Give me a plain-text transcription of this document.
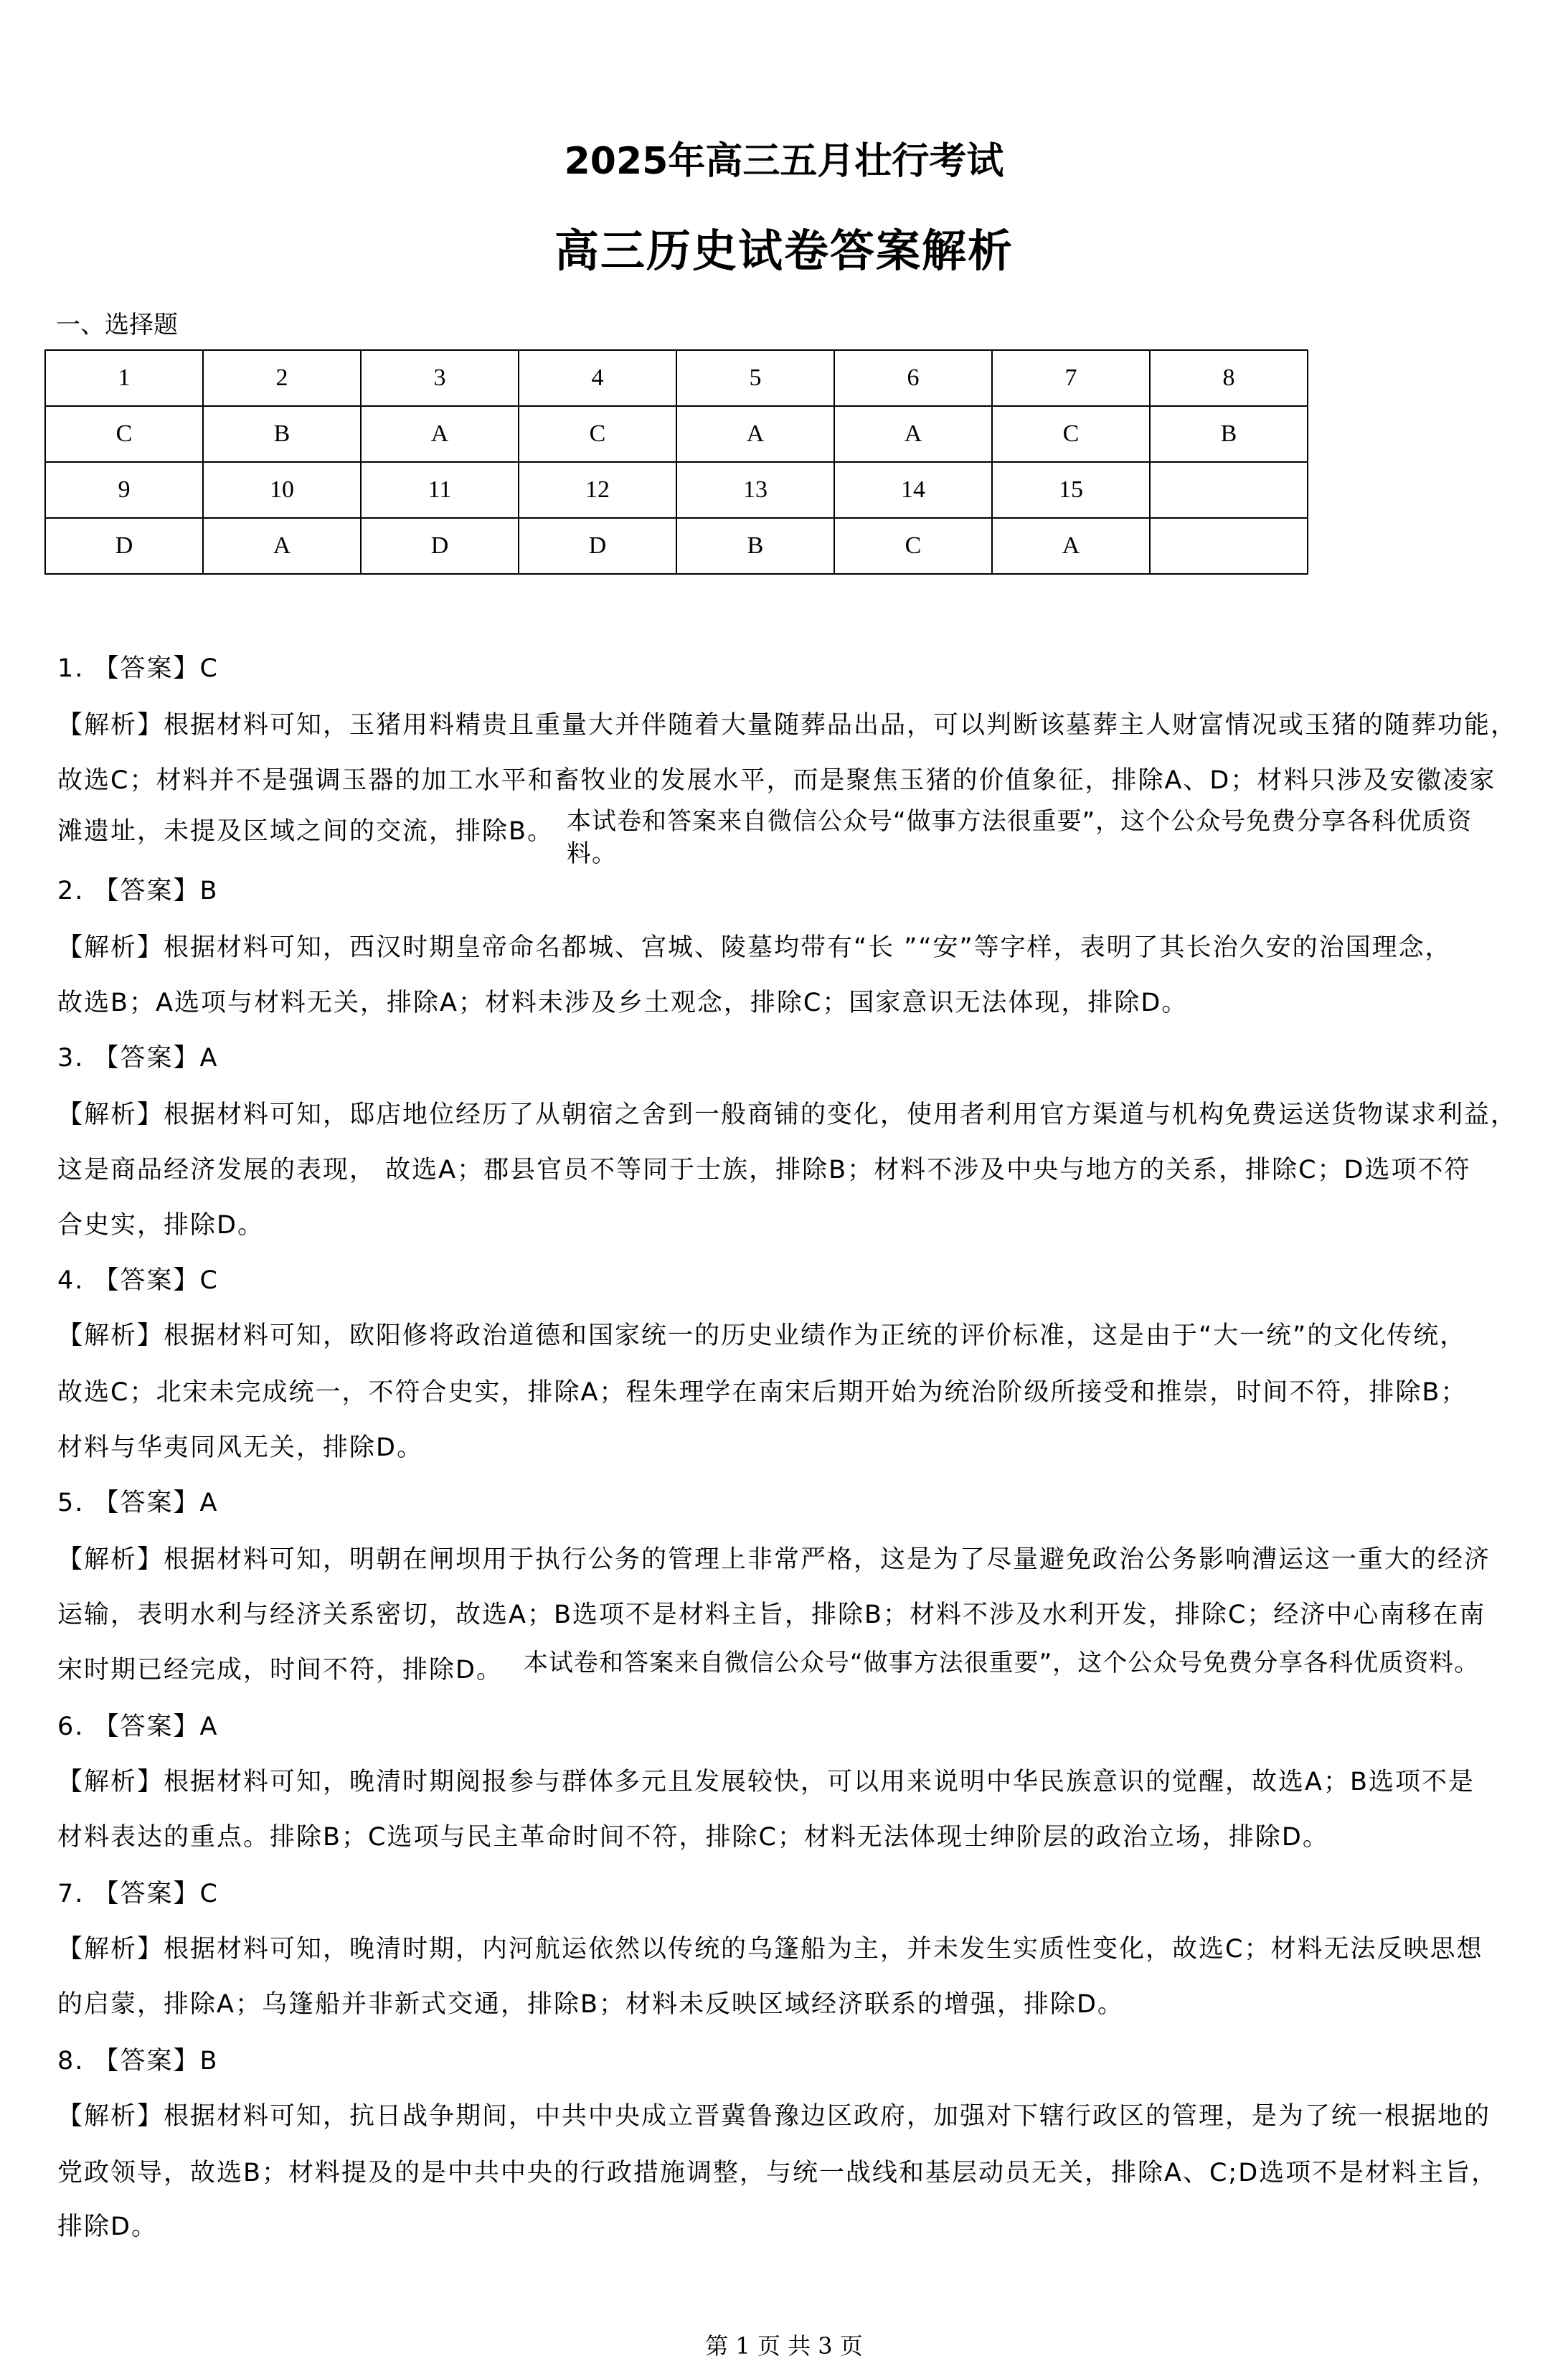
2025年高三五月壮行考试
高三历史试卷答案解析
一、选择题
1	2	3	4	5	6	7	8
C	B	A	C	A	A	C	B
9	10	11	12	13	14	15	
D	A	D	D	B	C	A	
1. 【答案】C
【解析】根据材料可知，玉猪用料精贵且重量大并伴随着大量随葬品出品，可以判断该墓葬主人财富情况或玉猪的随葬功能，
故选C；材料并不是强调玉器的加工水平和畜牧业的发展水平，而是聚焦玉猪的价值象征，排除A、D；材料只涉及安徽凌家
滩遗址，未提及区域之间的交流，排除B。
2. 【答案】B
【解析】根据材料可知，西汉时期皇帝命名都城、宫城、陵墓均带有“长 ”“安”等字样，表明了其长治久安的治国理念，
故选B；A选项与材料无关，排除A；材料未涉及乡土观念，排除C；国家意识无法体现，排除D。
3. 【答案】A
【解析】根据材料可知，邸店地位经历了从朝宿之舍到一般商铺的变化，使用者利用官方渠道与机构免费运送货物谋求利益，
这是商品经济发展的表现， 故选A；郡县官员不等同于士族，排除B；材料不涉及中央与地方的关系，排除C；D选项不符
合史实，排除D。
4. 【答案】C
【解析】根据材料可知，欧阳修将政治道德和国家统一的历史业绩作为正统的评价标准，这是由于“大一统”的文化传统，
故选C；北宋未完成统一，不符合史实，排除A；程朱理学在南宋后期开始为统治阶级所接受和推崇，时间不符，排除B；
材料与华夷同风无关，排除D。
5. 【答案】A
【解析】根据材料可知，明朝在闸坝用于执行公务的管理上非常严格，这是为了尽量避免政治公务影响漕运这一重大的经济
运输，表明水利与经济关系密切，故选A；B选项不是材料主旨，排除B；材料不涉及水利开发，排除C；经济中心南移在南
宋时期已经完成，时间不符，排除D。
6. 【答案】A
【解析】根据材料可知，晚清时期阅报参与群体多元且发展较快，可以用来说明中华民族意识的觉醒，故选A；B选项不是
材料表达的重点。排除B；C选项与民主革命时间不符，排除C；材料无法体现士绅阶层的政治立场，排除D。
7. 【答案】C
【解析】根据材料可知，晚清时期，内河航运依然以传统的乌篷船为主，并未发生实质性变化，故选C；材料无法反映思想
的启蒙，排除A；乌篷船并非新式交通，排除B；材料未反映区域经济联系的增强，排除D。
8. 【答案】B
【解析】根据材料可知，抗日战争期间，中共中央成立晋冀鲁豫边区政府，加强对下辖行政区的管理，是为了统一根据地的
党政领导，故选B；材料提及的是中共中央的行政措施调整，与统一战线和基层动员无关，排除A、C;D选项不是材料主旨，
排除D。
本试卷和答案来自微信公众号“做事方法很重要”，这个公众号免费分享各科优质资
料。
本试卷和答案来自微信公众号“做事方法很重要”，这个公众号免费分享各科优质资料。
第 1 页 共 3 页
